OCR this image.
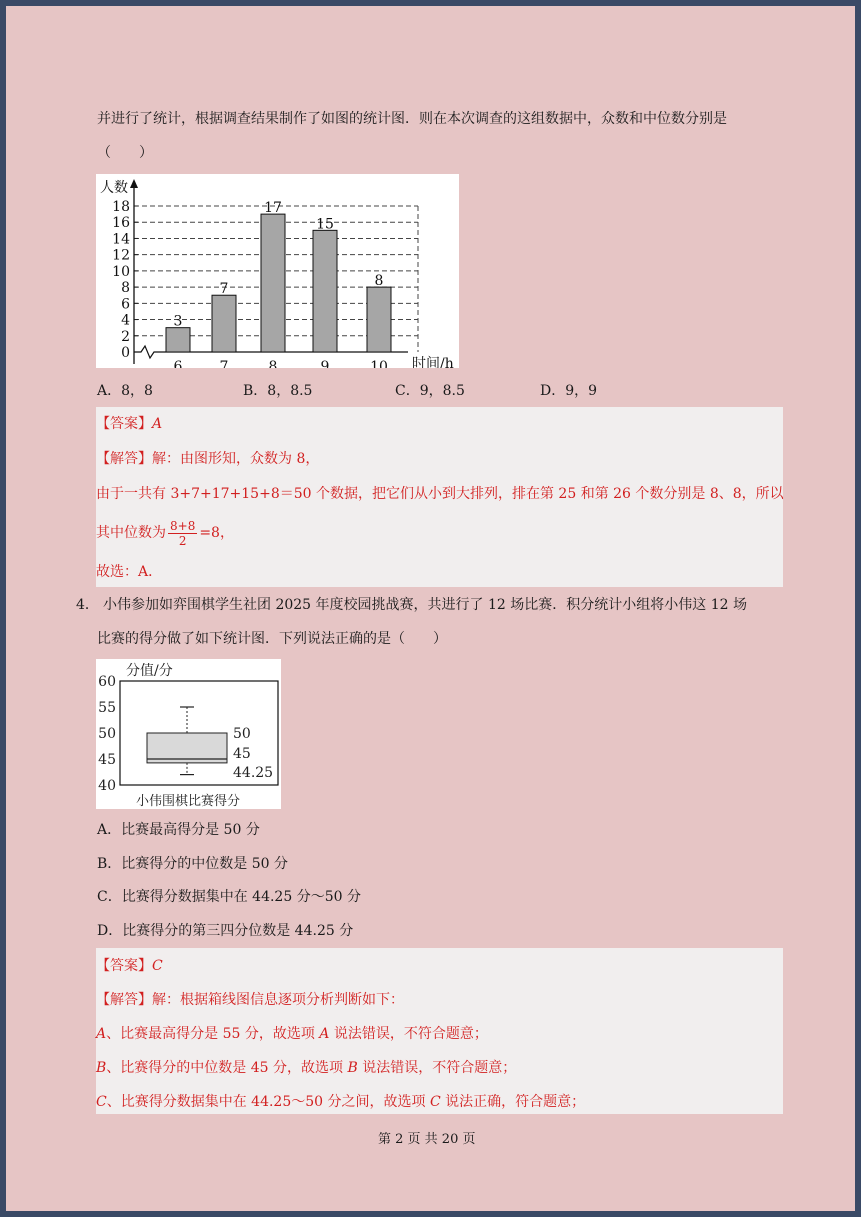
并进行了统计，根据调查结果制作了如图的统计图．则在本次调查的这组数据中，众数和中位数分别是

（　　）

0
2
4
6
8
10
12
14
16
18
人数
时间/h
3
6
7
7
17
8
15
9
8
10

A．8，8	B．8，8.5	C．9，8.5	D．9，9

【答案】A
【解答】解：由图形知，众数为 8，
由于一共有 3+7+17+15+8＝50 个数据，把它们从小到大排列，排在第 25 和第 26 个数分别是 8、8，所以
其中位数为 $\frac{8+8}{2} =8$，
故选：A．

4． 小伟参加如弈围棋学生社团 2025 年度校园挑战赛，共进行了 12 场比赛．积分统计小组将小伟这 12 场

比赛的得分做了如下统计图．下列说法正确的是（　　）

分值/分
40
45
50
55
60
50
45
44.25
小伟围棋比赛得分

A．比赛最高得分是 50 分

B．比赛得分的中位数是 50 分

C．比赛得分数据集中在 44.25 分～50 分

D．比赛得分的第三四分位数是 44.25 分

【答案】C
【解答】解：根据箱线图信息逐项分析判断如下：
A、比赛最高得分是 55 分，故选项 A 说法错误，不符合题意；
B、比赛得分的中位数是 45 分，故选项 B 说法错误，不符合题意；
C、比赛得分数据集中在 44.25～50 分之间，故选项 C 说法正确，符合题意；

第 2 页 共 20 页
